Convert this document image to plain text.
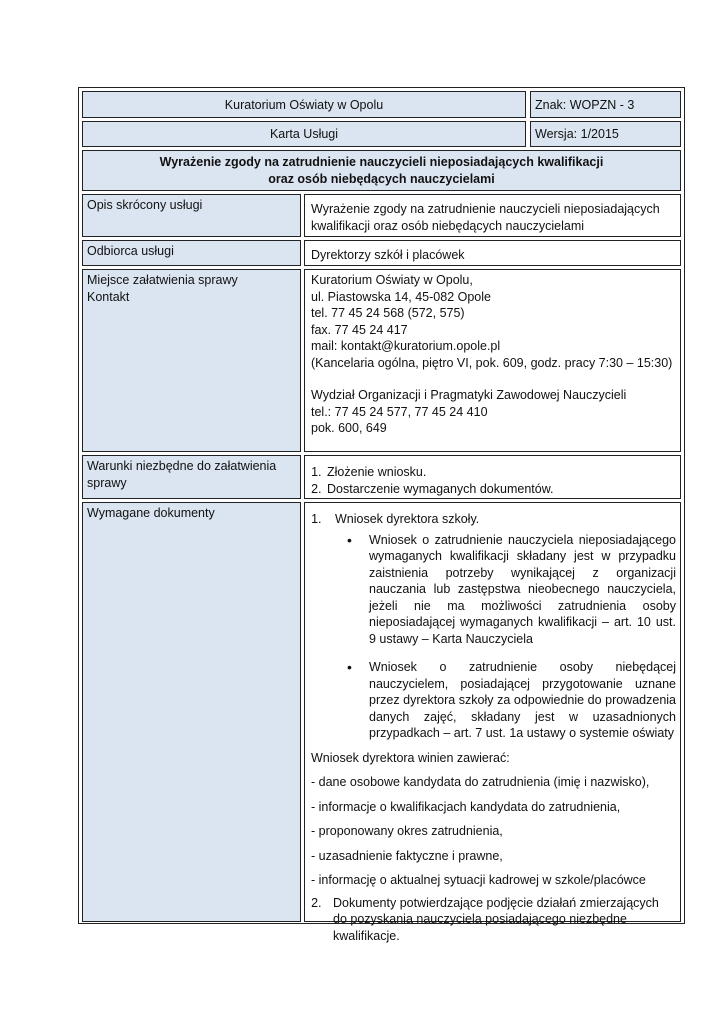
Kuratorium Oświaty w Opolu	Znak: WOPZN - 3
Karta Usługi	Wersja: 1/2015
Wyrażenie zgody na zatrudnienie nauczycieli nieposiadających kwalifikacji
oraz osób niebędących nauczycielami
Opis skrócony usługi	Wyrażenie zgody na zatrudnienie nauczycieli nieposiadających
kwalifikacji oraz osób niebędących nauczycielami
Odbiorca usługi	Dyrektorzy szkół i placówek
Miejsce załatwienia sprawy
Kontakt
Kuratorium Oświaty w Opolu,
ul. Piastowska 14, 45-082 Opole
tel. 77 45 24 568 (572, 575)
fax. 77 45 24 417
mail: kontakt@kuratorium.opole.pl
(Kancelaria ogólna, piętro VI, pok. 609, godz. pracy 7:30 – 15:30)
Wydział Organizacji i Pragmatyki Zawodowej Nauczycieli
tel.: 77 45 24 577, 77 45 24 410
pok. 600, 649
Warunki niezbędne do załatwienia sprawy
1. Złożenie wniosku.
2. Dostarczenie wymaganych dokumentów.
Wymagane dokumenty
1.	Wniosek dyrektora szkoły.
• Wniosek o zatrudnienie nauczyciela nieposiadającego wymaganych kwalifikacji składany jest w przypadku zaistnienia potrzeby wynikającej z organizacji nauczania lub zastępstwa nieobecnego nauczyciela, jeżeli nie ma możliwości zatrudnienia osoby nieposiadającej wymaganych kwalifikacji – art. 10 ust. 9 ustawy – Karta Nauczyciela
• Wniosek o zatrudnienie osoby niebędącej nauczycielem, posiadającej przygotowanie uznane przez dyrektora szkoły za odpowiednie do prowadzenia danych zajęć, składany jest w uzasadnionych przypadkach – art. 7 ust. 1a ustawy o systemie oświaty
Wniosek dyrektora winien zawierać:
- dane osobowe kandydata do zatrudnienia (imię i nazwisko),
- informacje o kwalifikacjach kandydata do zatrudnienia,
- proponowany okres zatrudnienia,
- uzasadnienie faktyczne i prawne,
- informację o aktualnej sytuacji kadrowej w szkole/placówce
2. Dokumenty potwierdzające podjęcie działań zmierzających do pozyskania nauczyciela posiadającego niezbędne kwalifikacje.
